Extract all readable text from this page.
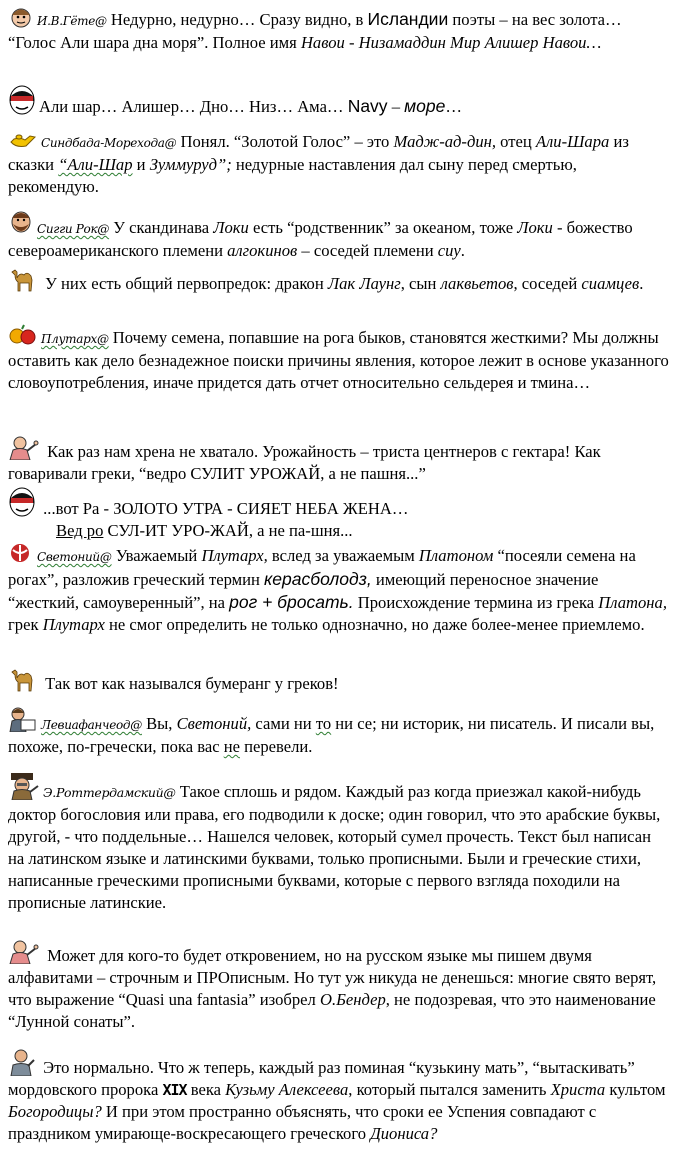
И.В.Гёте@ Недурно, недурно… Сразу видно, в Исландии поэты – на вес золота… “Голос Али шара дна моря”. Полное имя Навои - Низамаддин Мир Алишер Навои…
Али шар… Алишер… Дно… Низ… Ама… Navy – море…
Синдбада-Морехода@ Понял. “Золотой Голос” – это Мадж-ад-дин, отец Али-Шара из сказки “Али-Шар и Зуммуруд”; недурные наставления дал сыну перед смертью, рекомендую.
Сигги Рок@ У скандинава Локи есть “родственник” за океаном, тоже Локи - божество североамериканского племени алгокинов – соседей племени сиу.
У них есть общий первопредок: дракон Лак Лаунг, сын лаквьетов, соседей сиамцев.
Плутарх@ Почему семена, попавшие на рога быков, становятся жесткими? Мы должны оставить как дело безнадежное поиски причины явления, которое лежит в основе указанного словоупотребления, иначе придется дать отчет относительно сельдерея и тмина…
Как раз нам хрена не хватало. Урожайность – триста центнеров с гектара! Как говаривали греки, “ведро СУЛИТ УРОЖАЙ, а не пашня...”
...вот Ра - ЗОЛОТО УТРА - СИЯЕТ НЕБА ЖЕНА…
Вед ро СУЛ-ИТ УРО-ЖАЙ, а не па-шня...
Светоний@ Уважаемый Плутарх, вслед за уважаемым Платоном “посеяли семена на рогах”, разложив греческий термин керасболодз, имеющий переносное значение “жесткий, самоуверенный”, на рог + бросать. Происхождение термина из грека Платона, грек Плутарх не смог определить не только однозначно, но даже более-менее приемлемо.
Так вот как назывался бумеранг у греков!
Левиафанчеод@ Вы, Светоний, сами ни то ни се; ни историк, ни писатель. И писали вы, похоже, по-гречески, пока вас не перевели.
Э.Роттердамский@ Такое сплошь и рядом. Каждый раз когда приезжал какой-нибудь доктор богословия или права, его подводили к доске; один говорил, что это арабские буквы, другой, - что поддельные… Нашелся человек, который сумел прочесть. Текст был написан на латинском языке и латинскими буквами, только прописными. Были и греческие стихи, написанные греческими прописными буквами, которые с первого взгляда походили на прописные латинские.
Может для кого-то будет откровением, но на русском языке мы пишем двумя алфавитами – строчным и ПРОписным. Но тут уж никуда не денешься: многие свято верят, что выражение “Quasi una fantasia” изобрел О.Бендер, не подозревая, что это наименование “Лунной сонаты”.
Это нормально. Что ж теперь, каждый раз поминая “кузькину мать”, “вытаскивать” мордовского пророка XIX века Кузьму Алексеева, который пытался заменить Христа культом Богородицы? И при этом пространно объяснять, что сроки ее Успения совпадают с праздником умирающе-воскресающего греческого Диониса?
